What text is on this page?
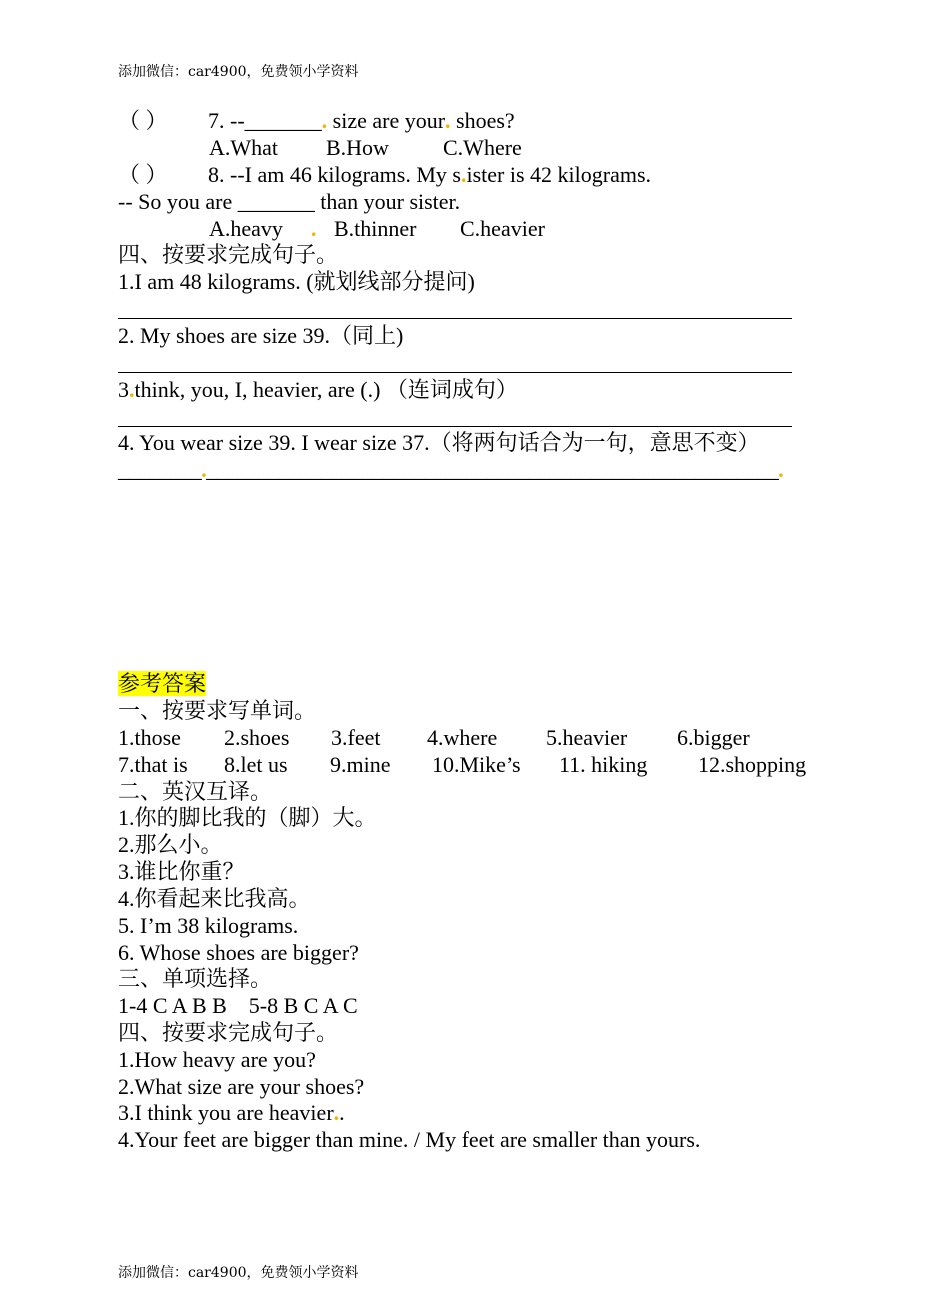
添加微信：car4900，免费领小学资料
（ ） 7. --_______. size are your. shoes?
A.What B.How C.Where
（ ） 8. --I am 46 kilograms. My s.ister is 42 kilograms.
-- So you are _______ than your sister.
A.heavy . B.thinner C.heavier
四、按要求完成句子。
1.I am 48 kilograms. (就划线部分提问)
2. My shoes are size 39.（同上)
3.think, you, I, heavier, are (.) （连词成句）
4. You wear size 39. I wear size 37.（将两句话合为一句，意思不变）
________._______________________________________________________.
参考答案
一、按要求写单词。
1.those 2.shoes 3.feet 4.where 5.heavier 6.bigger
7.that is 8.let us 9.mine 10.Mike’s 11. hiking 12.shopping
二、英汉互译。
1.你的脚比我的（脚）大。
2.那么小。
3.谁比你重？
4.你看起来比我高。
5. I’m 38 kilograms.
6. Whose shoes are bigger?
三、单项选择。
1-4 C A B B    5-8 B C A C
四、按要求完成句子。
1.How heavy are you?
2.What size are your shoes?
3.I think you are heavier..
4.Your feet are bigger than mine. / My feet are smaller than yours.
添加微信：car4900，免费领小学资料
